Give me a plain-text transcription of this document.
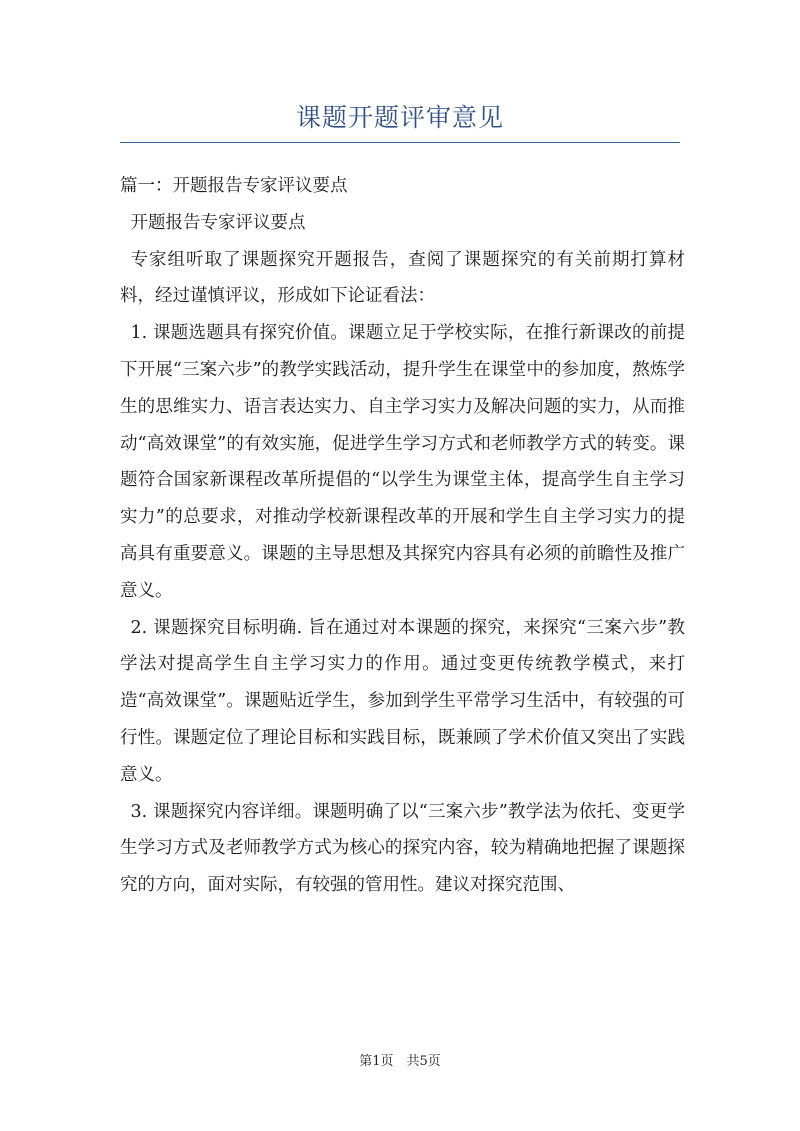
课题开题评审意见

篇一：开题报告专家评议要点

开题报告专家评议要点

专家组听取了课题探究开题报告，查阅了课题探究的有关前期打算材料，经过谨慎评议，形成如下论证看法：

1. 课题选题具有探究价值。课题立足于学校实际，在推行新课改的前提下开展“三案六步”的教学实践活动，提升学生在课堂中的参加度，熬炼学生的思维实力、语言表达实力、自主学习实力及解决问题的实力，从而推动“高效课堂”的有效实施，促进学生学习方式和老师教学方式的转变。课题符合国家新课程改革所提倡的“以学生为课堂主体，提高学生自主学习实力”的总要求，对推动学校新课程改革的开展和学生自主学习实力的提高具有重要意义。课题的主导思想及其探究内容具有必须的前瞻性及推广意义。

2. 课题探究目标明确. 旨在通过对本课题的探究，来探究“三案六步”教学法对提高学生自主学习实力的作用。通过变更传统教学模式，来打造“高效课堂”。课题贴近学生，参加到学生平常学习生活中，有较强的可行性。课题定位了理论目标和实践目标，既兼顾了学术价值又突出了实践意义。

3. 课题探究内容详细。课题明确了以“三案六步”教学法为依托、变更学生学习方式及老师教学方式为核心的探究内容，较为精确地把握了课题探究的方向，面对实际，有较强的管用性。建议对探究范围、

第1页　共5页
